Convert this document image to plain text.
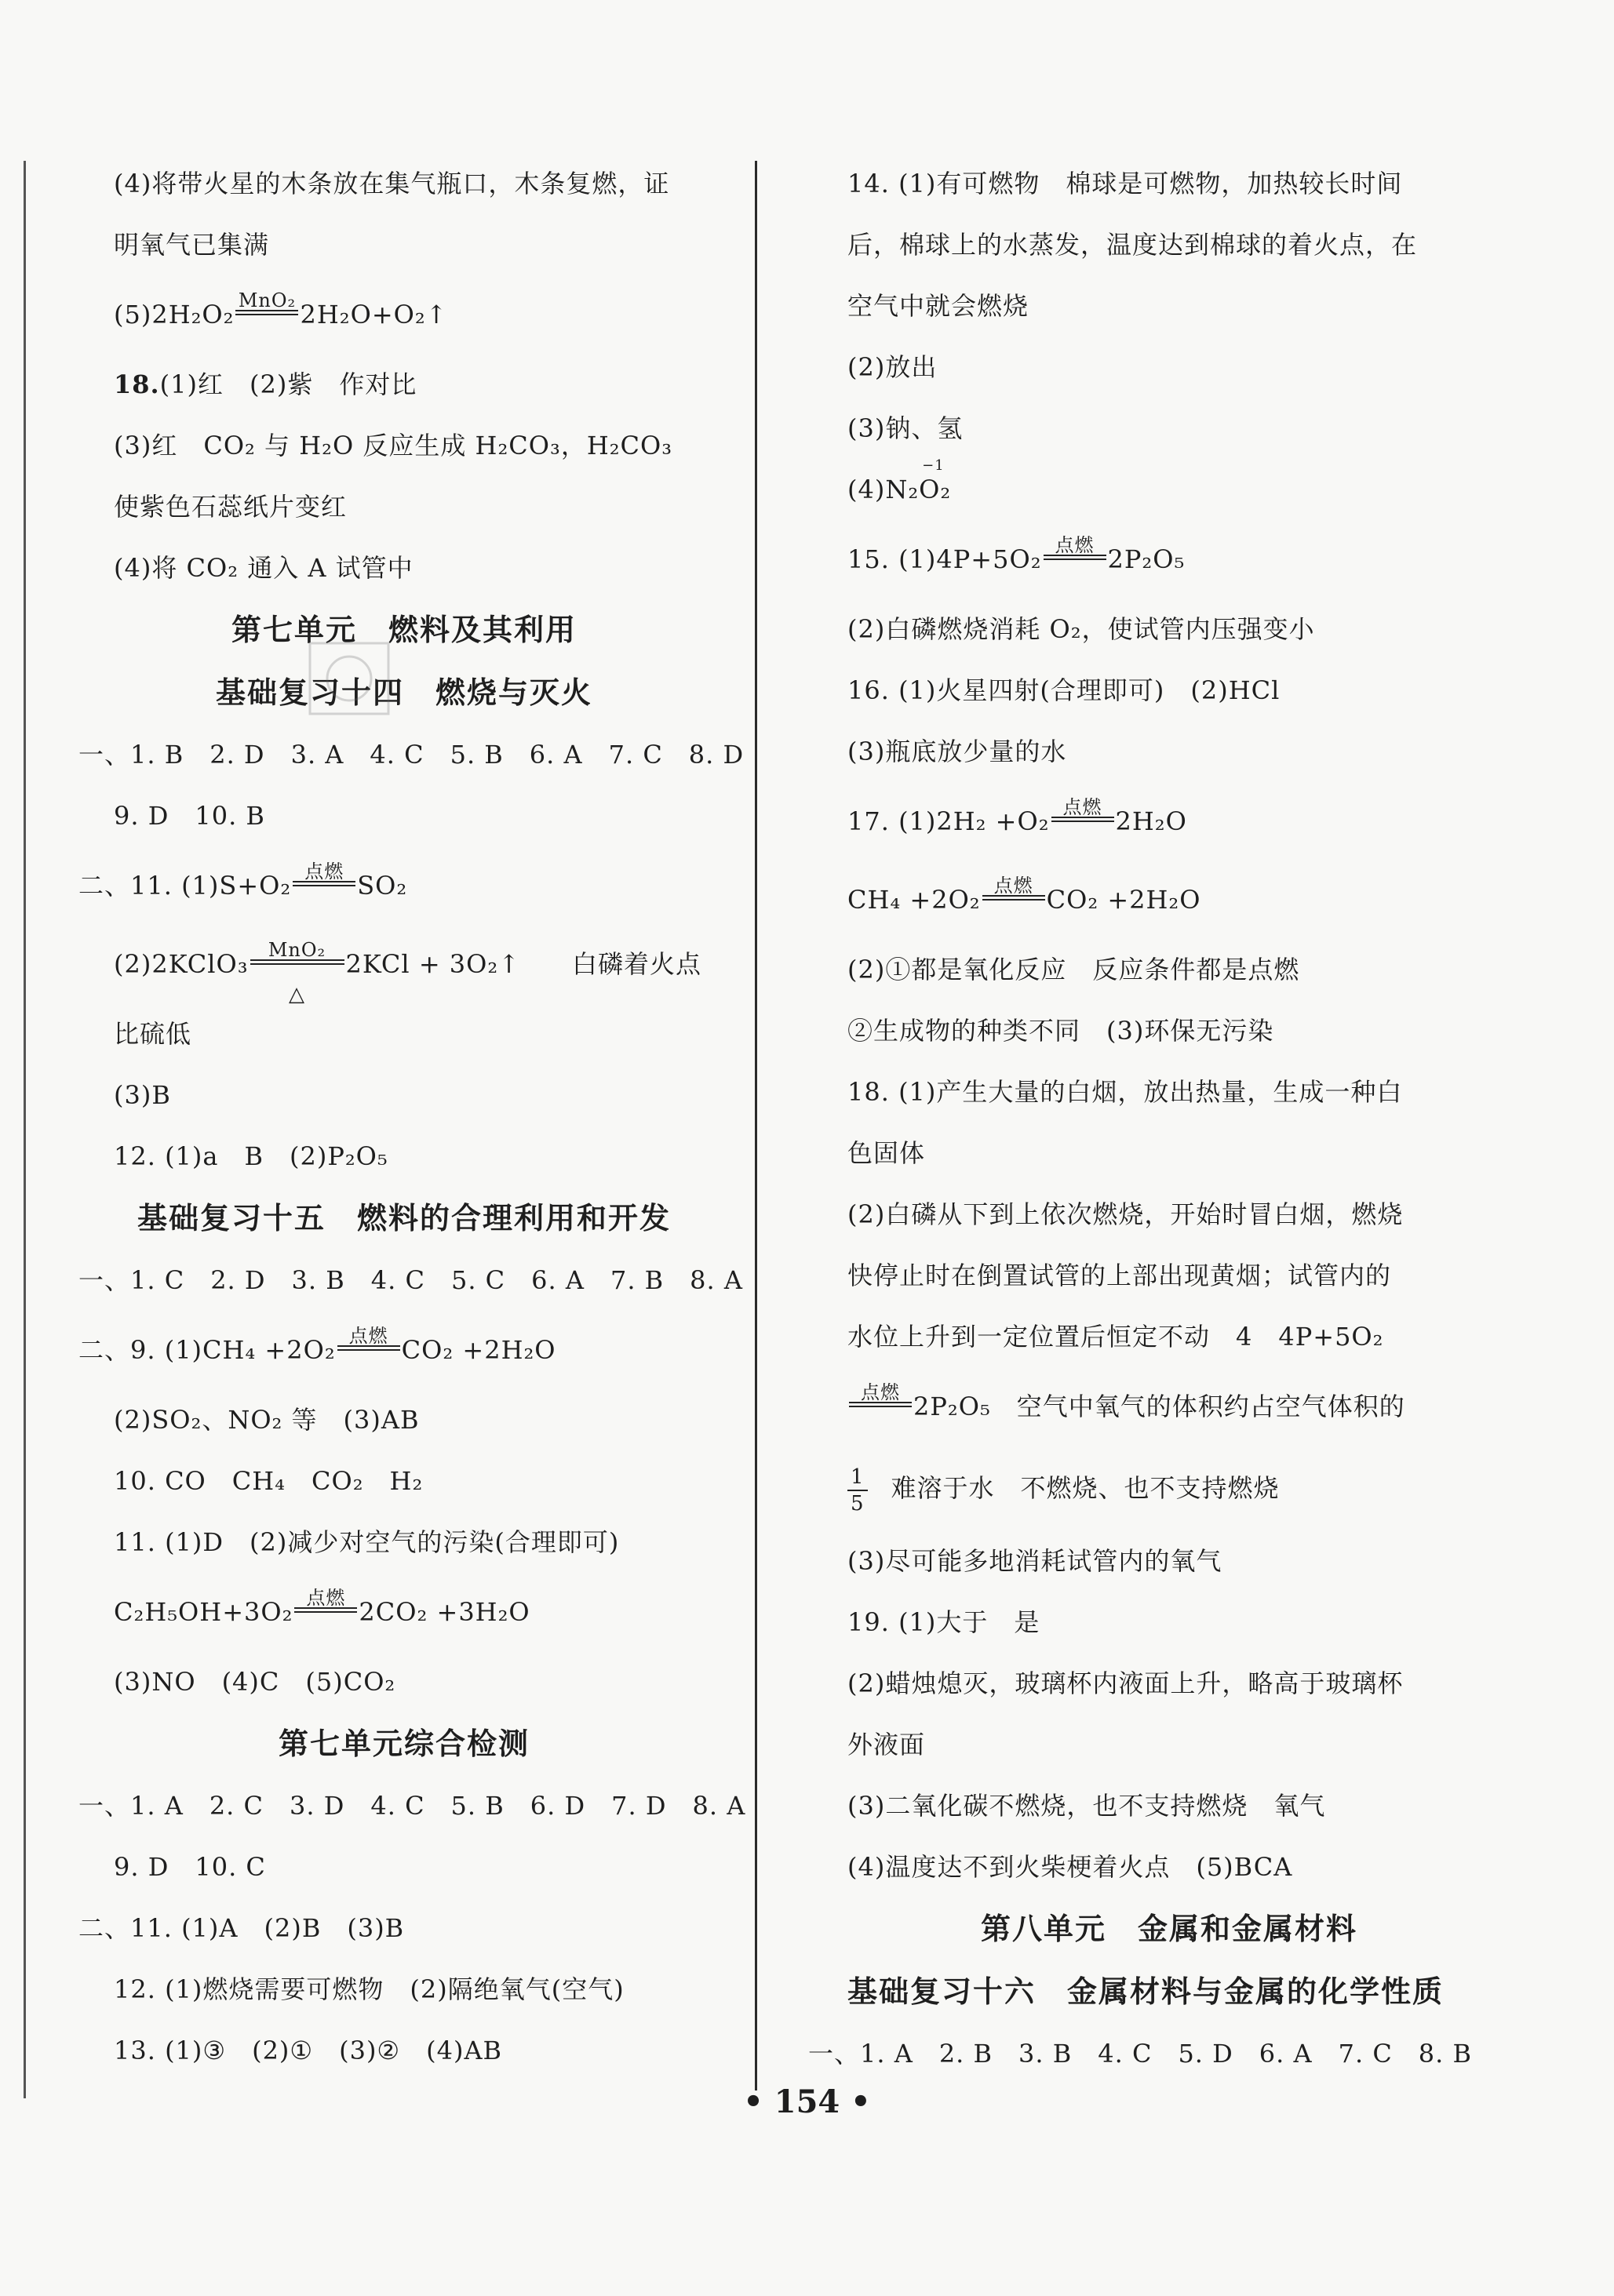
(4)将带火星的木条放在集气瓶口，木条复燃，证
明氧气已集满
(5)2H₂O₂ MnO₂ 2H₂O+O₂↑
18.(1)红　(2)紫　作对比
(3)红　CO₂ 与 H₂O 反应生成 H₂CO₃，H₂CO₃
使紫色石蕊纸片变红
(4)将 CO₂ 通入 A 试管中
第七单元　燃料及其利用
基础复习十四　燃烧与灭火
一、1. B　2. D　3. A　4. C　5. B　6. A　7. C　8. D
9. D　10. B
二、11. (1)S+O₂ 点燃 SO₂
(2)2KClO₃	MnO₂
△
2KCl + 3O₂↑　　白磷着火点
比硫低
(3)B
12. (1)a　B　(2)P₂O₅
基础复习十五　燃料的合理利用和开发
一、1. C　2. D　3. B　4. C　5. C　6. A　7. B　8. A
二、9. (1)CH₄ +2O₂ 点燃 CO₂ +2H₂O
(2)SO₂、NO₂ 等　(3)AB
10. CO　CH₄　CO₂　H₂
11. (1)D　(2)减少对空气的污染(合理即可)
C₂H₅OH+3O₂ 点燃 2CO₂ +3H₂O
(3)NO　(4)C　(5)CO₂
第七单元综合检测
一、1. A　2. C　3. D　4. C　5. B　6. D　7. D　8. A
9. D　10. C
二、11. (1)A　(2)B　(3)B
12. (1)燃烧需要可燃物　(2)隔绝氧气(空气)
13. (1)③　(2)①　(3)②　(4)AB
14. (1)有可燃物　棉球是可燃物，加热较长时间
后，棉球上的水蒸发，温度达到棉球的着火点，在
空气中就会燃烧
(2)放出
(3)钠、氢
(4)N₂
−1
O₂
15. (1)4P+5O₂ 点燃 2P₂O₅
(2)白磷燃烧消耗 O₂，使试管内压强变小
16. (1)火星四射(合理即可)　(2)HCl
(3)瓶底放少量的水
17. (1)2H₂ +O₂ 点燃 2H₂O
CH₄ +2O₂ 点燃 CO₂ +2H₂O
(2)①都是氧化反应　反应条件都是点燃
②生成物的种类不同　(3)环保无污染
18. (1)产生大量的白烟，放出热量，生成一种白
色固体
(2)白磷从下到上依次燃烧，开始时冒白烟，燃烧
快停止时在倒置试管的上部出现黄烟；试管内的
水位上升到一定位置后恒定不动　4　4P+5O₂
点燃 2P₂O₅　空气中氧气的体积约占空气体积的
$\frac{1}{5}$ 难溶于水　不燃烧、也不支持燃烧
(3)尽可能多地消耗试管内的氧气
19. (1)大于　是
(2)蜡烛熄灭，玻璃杯内液面上升，略高于玻璃杯
外液面
(3)二氧化碳不燃烧，也不支持燃烧　氧气
(4)温度达不到火柴梗着火点　(5)BCA
第八单元　金属和金属材料
基础复习十六　金属材料与金属的化学性质
一、1. A　2. B　3. B　4. C　5. D　6. A　7. C　8. B
• 154 •
